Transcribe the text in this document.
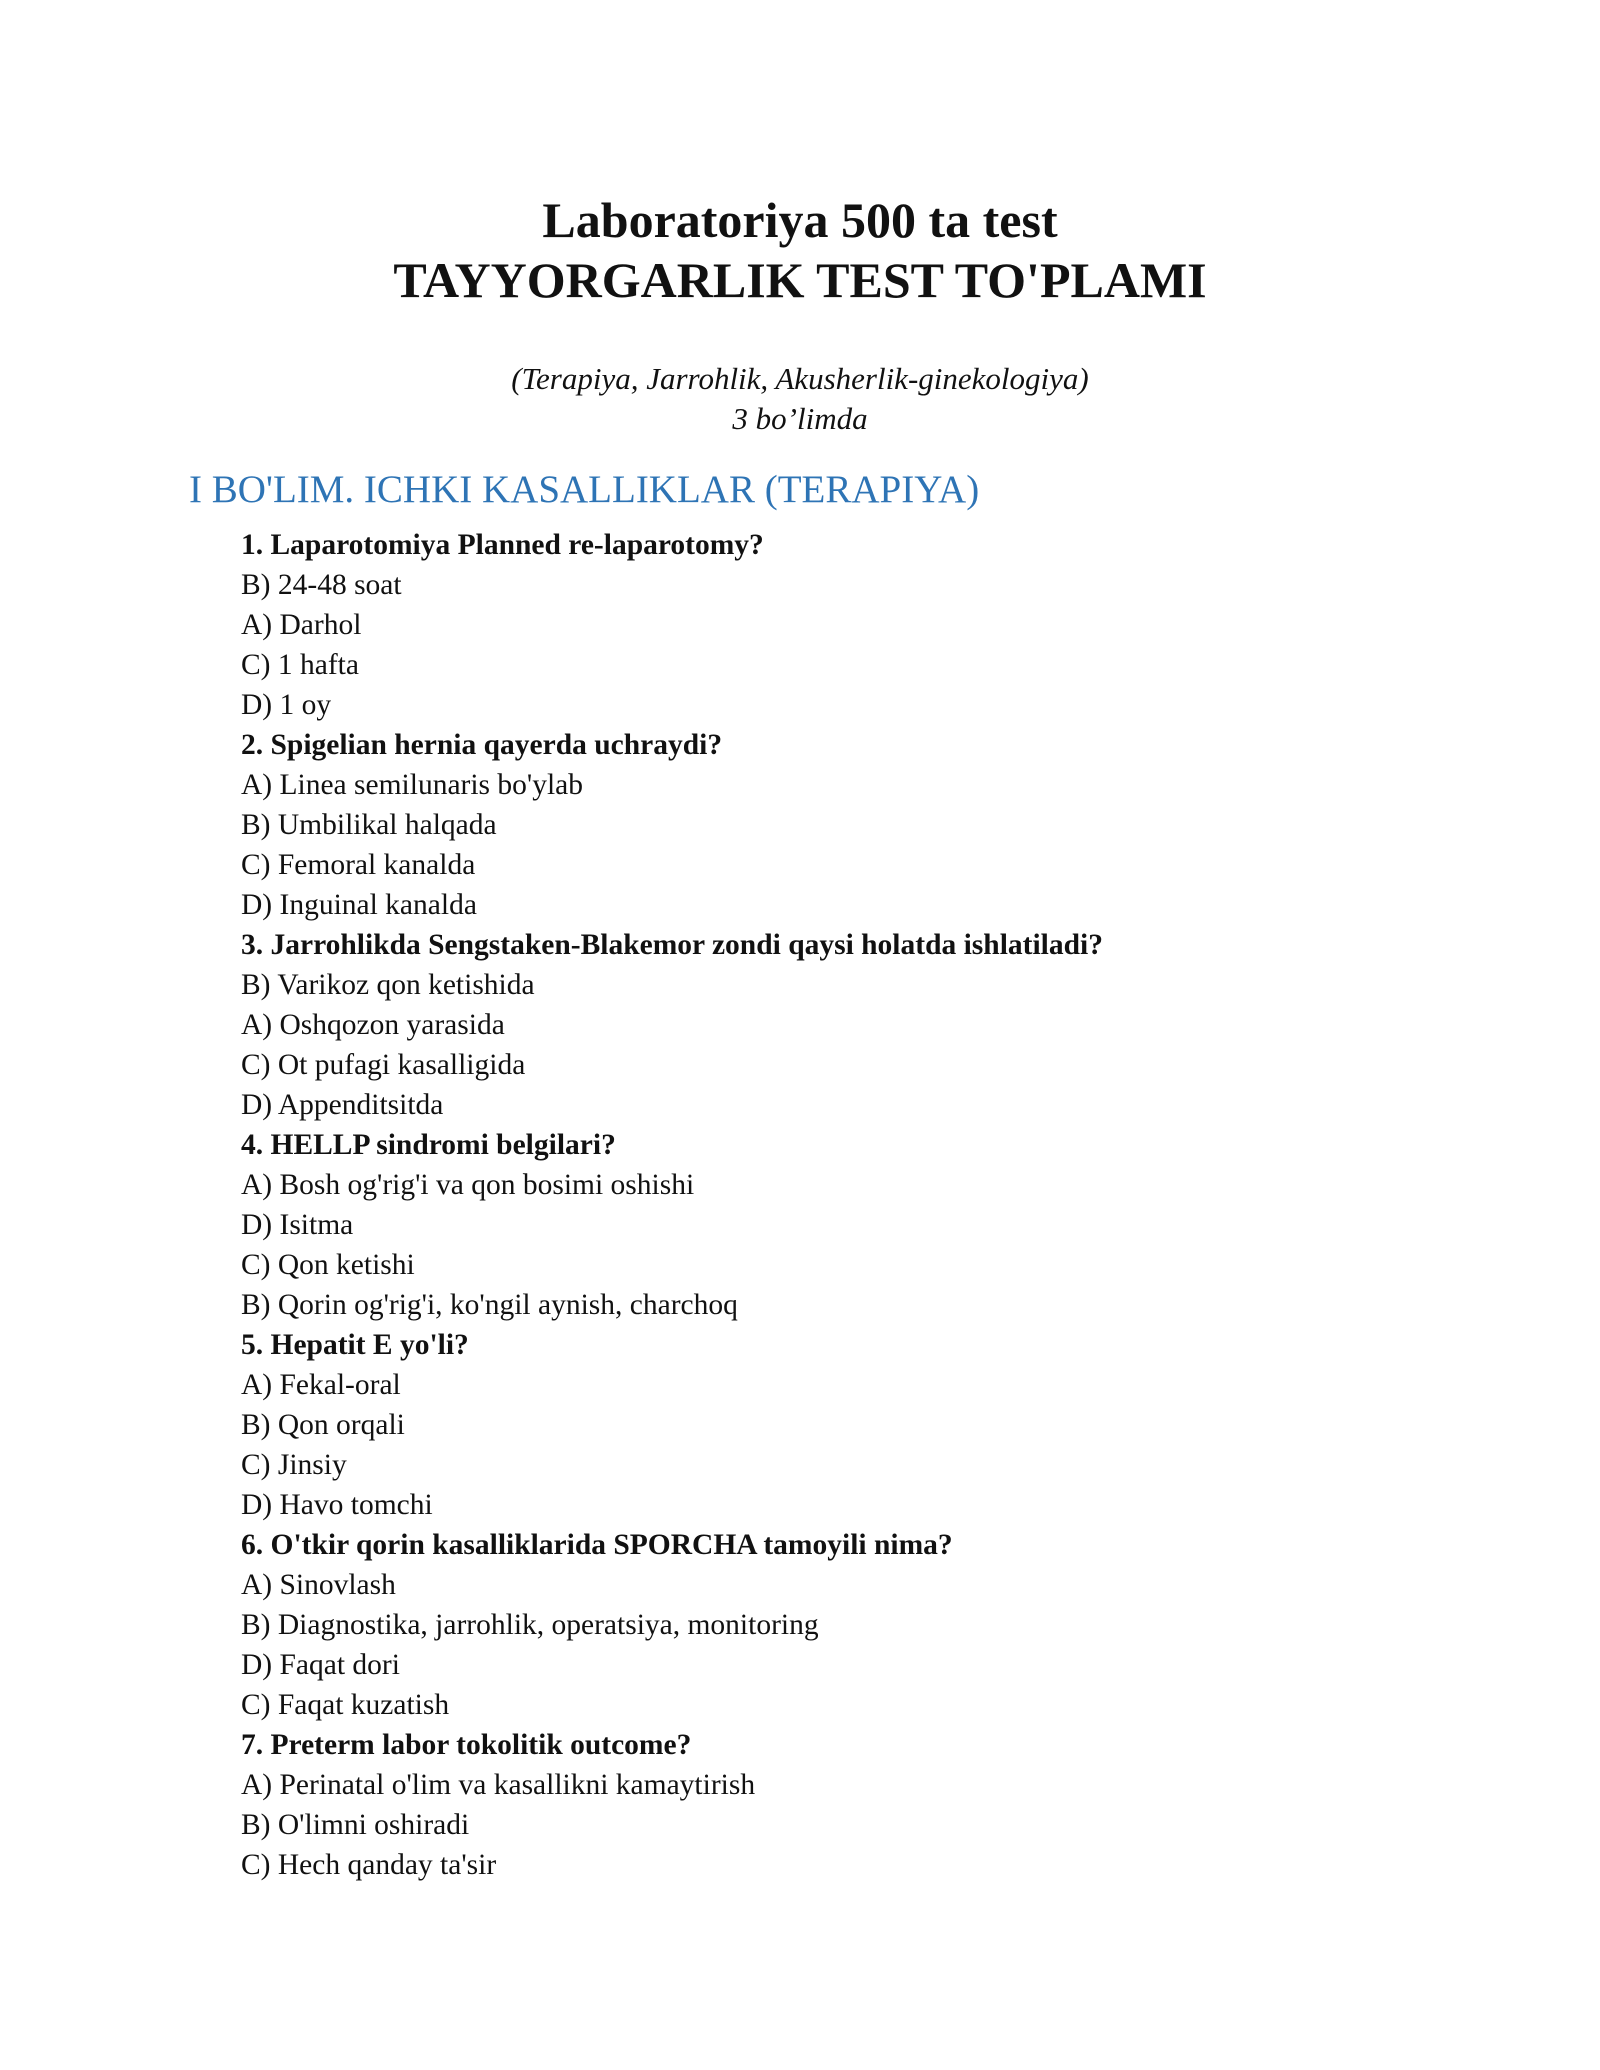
Laboratoriya 500 ta test
TAYYORGARLIK TEST TO'PLAMI

(Terapiya, Jarrohlik, Akusherlik-ginekologiya)

3 bo’limda

I BO'LIM. ICHKI KASALLIKLAR (TERAPIYA)
1. Laparotomiya Planned re-laparotomy?
B) 24-48 soat
A) Darhol
C) 1 hafta
D) 1 oy
2. Spigelian hernia qayerda uchraydi?
A) Linea semilunaris bo'ylab
B) Umbilikal halqada
C) Femoral kanalda
D) Inguinal kanalda
3. Jarrohlikda Sengstaken-Blakemor zondi qaysi holatda ishlatiladi?
B) Varikoz qon ketishida
A) Oshqozon yarasida
C) Ot pufagi kasalligida
D) Appenditsitda
4. HELLP sindromi belgilari?
A) Bosh og'rig'i va qon bosimi oshishi
D) Isitma
C) Qon ketishi
B) Qorin og'rig'i, ko'ngil aynish, charchoq
5. Hepatit E yo'li?
A) Fekal-oral
B) Qon orqali
C) Jinsiy
D) Havo tomchi
6. O'tkir qorin kasalliklarida SPORCHA tamoyili nima?
A) Sinovlash
B) Diagnostika, jarrohlik, operatsiya, monitoring
D) Faqat dori
C) Faqat kuzatish
7. Preterm labor tokolitik outcome?
A) Perinatal o'lim va kasallikni kamaytirish
B) O'limni oshiradi
C) Hech qanday ta'sir
